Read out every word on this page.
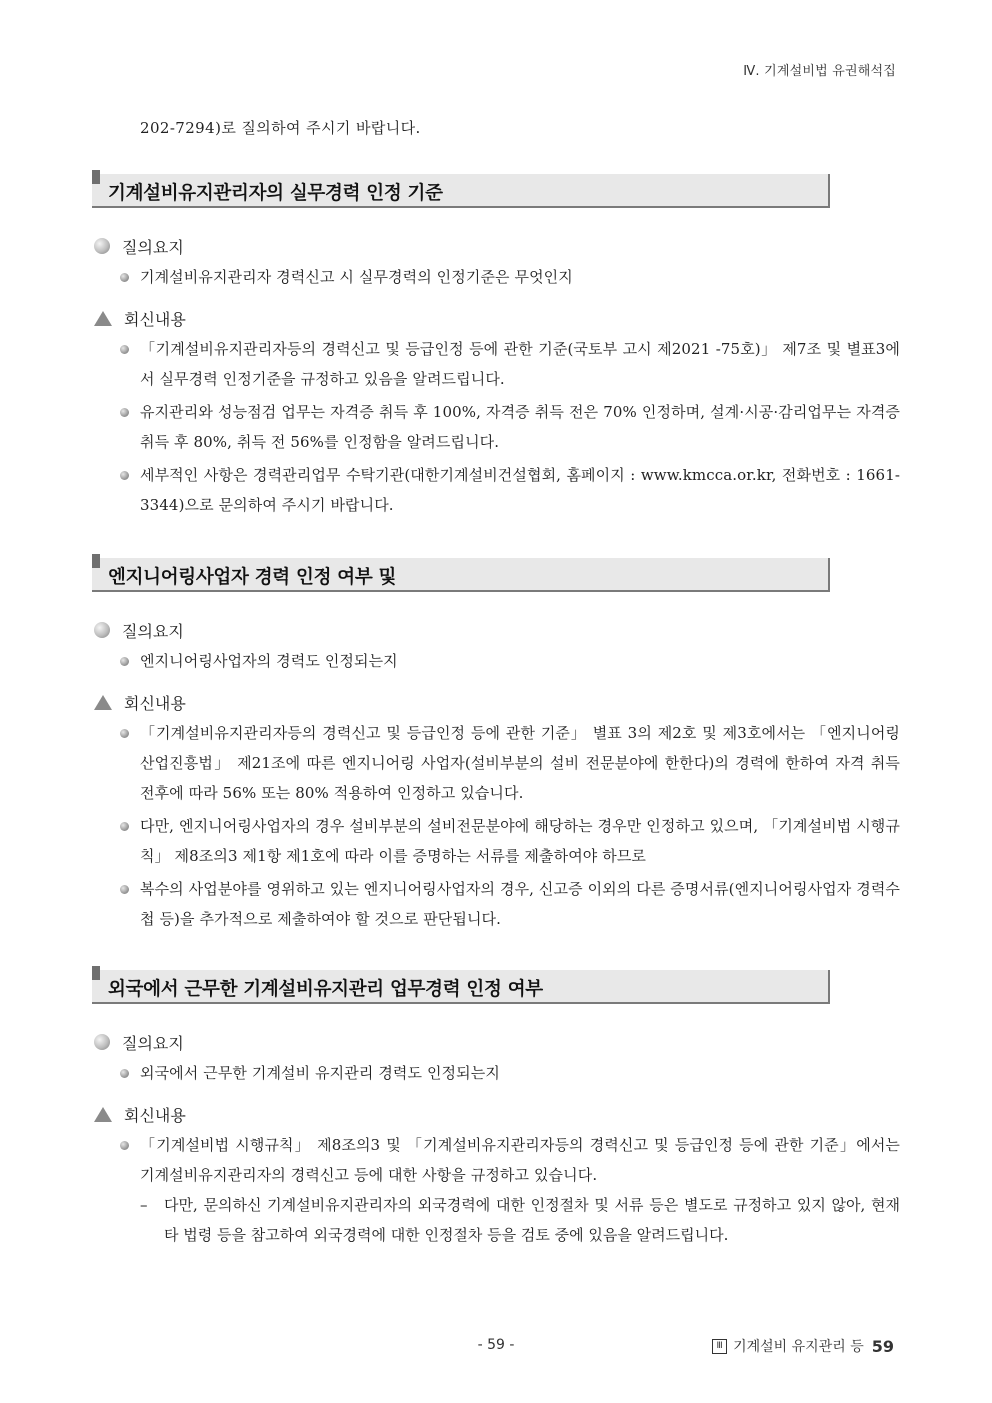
Ⅳ. 기계설비법 유권해석집
202-7294)로 질의하여 주시기 바랍니다.
기계설비유지관리자의 실무경력 인정 기준
질의요지
기계설비유지관리자 경력신고 시 실무경력의 인정기준은 무엇인지
회신내용
「기계설비유지관리자등의 경력신고 및 등급인정 등에 관한 기준(국토부 고시 제2021 -75호)」 제7조 및 별표3에서 실무경력 인정기준을 규정하고 있음을 알려드립니다.
유지관리와 성능점검 업무는 자격증 취득 후 100%, 자격증 취득 전은 70% 인정하며, 설계·시공·감리업무는 자격증 취득 후 80%, 취득 전 56%를 인정함을 알려드립니다.
세부적인 사항은 경력관리업무 수탁기관(대한기계설비건설협회, 홈페이지 : www.kmcca.or.kr, 전화번호 : 1661-3344)으로 문의하여 주시기 바랍니다.
엔지니어링사업자 경력 인정 여부 및
질의요지
엔지니어링사업자의 경력도 인정되는지
회신내용
「기계설비유지관리자등의 경력신고 및 등급인정 등에 관한 기준」 별표 3의 제2호 및 제3호에서는 「엔지니어링산업진흥법」 제21조에 따른 엔지니어링 사업자(설비부분의 설비 전문분야에 한한다)의 경력에 한하여 자격 취득 전후에 따라 56% 또는 80% 적용하여 인정하고 있습니다.
다만, 엔지니어링사업자의 경우 설비부분의 설비전문분야에 해당하는 경우만 인정하고 있으며, 「기계설비법 시행규칙」 제8조의3 제1항 제1호에 따라 이를 증명하는 서류를 제출하여야 하므로
복수의 사업분야를 영위하고 있는 엔지니어링사업자의 경우, 신고증 이외의 다른 증명서류(엔지니어링사업자 경력수첩 등)을 추가적으로 제출하여야 할 것으로 판단됩니다.
외국에서 근무한 기계설비유지관리 업무경력 인정 여부
질의요지
외국에서 근무한 기계설비 유지관리 경력도 인정되는지
회신내용
「기계설비법 시행규칙」 제8조의3 및 「기계설비유지관리자등의 경력신고 및 등급인정 등에 관한 기준」에서는 기계설비유지관리자의 경력신고 등에 대한 사항을 규정하고 있습니다.
– 다만, 문의하신 기계설비유지관리자의 외국경력에 대한 인정절차 및 서류 등은 별도로 규정하고 있지 않아, 현재 타 법령 등을 참고하여 외국경력에 대한 인정절차 등을 검토 중에 있음을 알려드립니다.
- 59 -	Ⅲ 기계설비 유지관리 등 59
